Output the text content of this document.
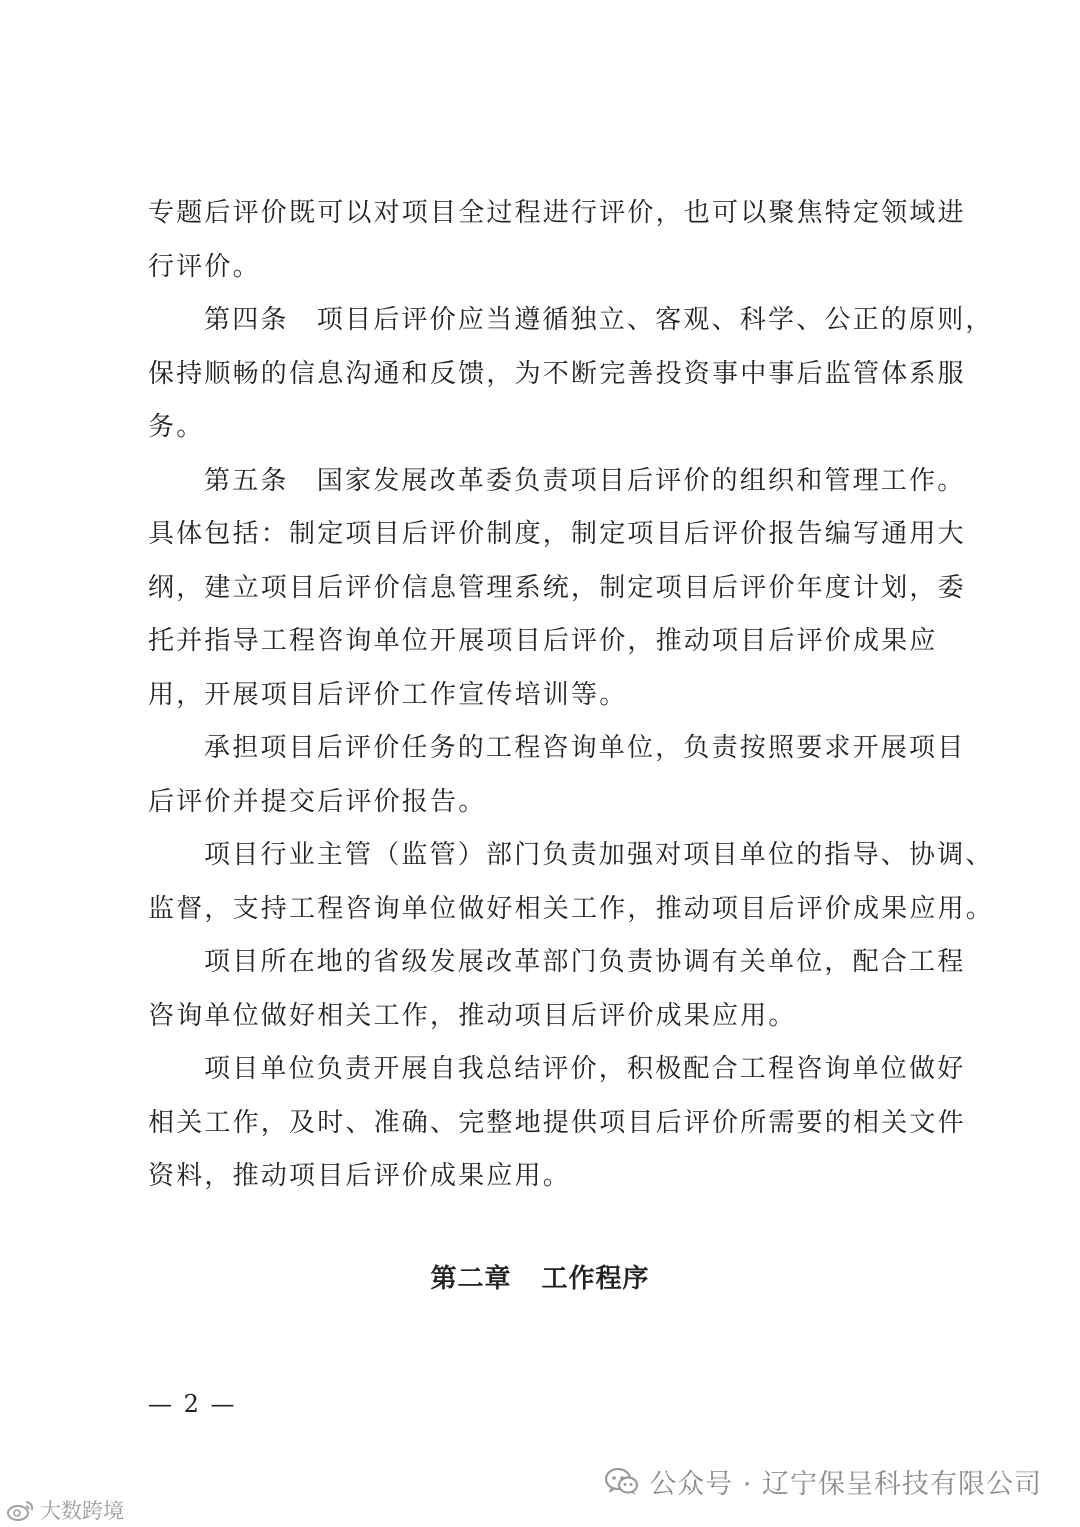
专题后评价既可以对项目全过程进行评价，也可以聚焦特定领域进
行评价。
第四条　项目后评价应当遵循独立、客观、科学、公正的原则，
保持顺畅的信息沟通和反馈，为不断完善投资事中事后监管体系服
务。
第五条　国家发展改革委负责项目后评价的组织和管理工作。
具体包括：制定项目后评价制度，制定项目后评价报告编写通用大
纲，建立项目后评价信息管理系统，制定项目后评价年度计划，委
托并指导工程咨询单位开展项目后评价，推动项目后评价成果应
用，开展项目后评价工作宣传培训等。
承担项目后评价任务的工程咨询单位，负责按照要求开展项目
后评价并提交后评价报告。
项目行业主管（监管）部门负责加强对项目单位的指导、协调、
监督，支持工程咨询单位做好相关工作，推动项目后评价成果应用。
项目所在地的省级发展改革部门负责协调有关单位，配合工程
咨询单位做好相关工作，推动项目后评价成果应用。
项目单位负责开展自我总结评价，积极配合工程咨询单位做好
相关工作，及时、准确、完整地提供项目后评价所需要的相关文件
资料，推动项目后评价成果应用。
第二章 工作程序
— 2 —
公众号 · 辽宁保呈科技有限公司
大数跨境
